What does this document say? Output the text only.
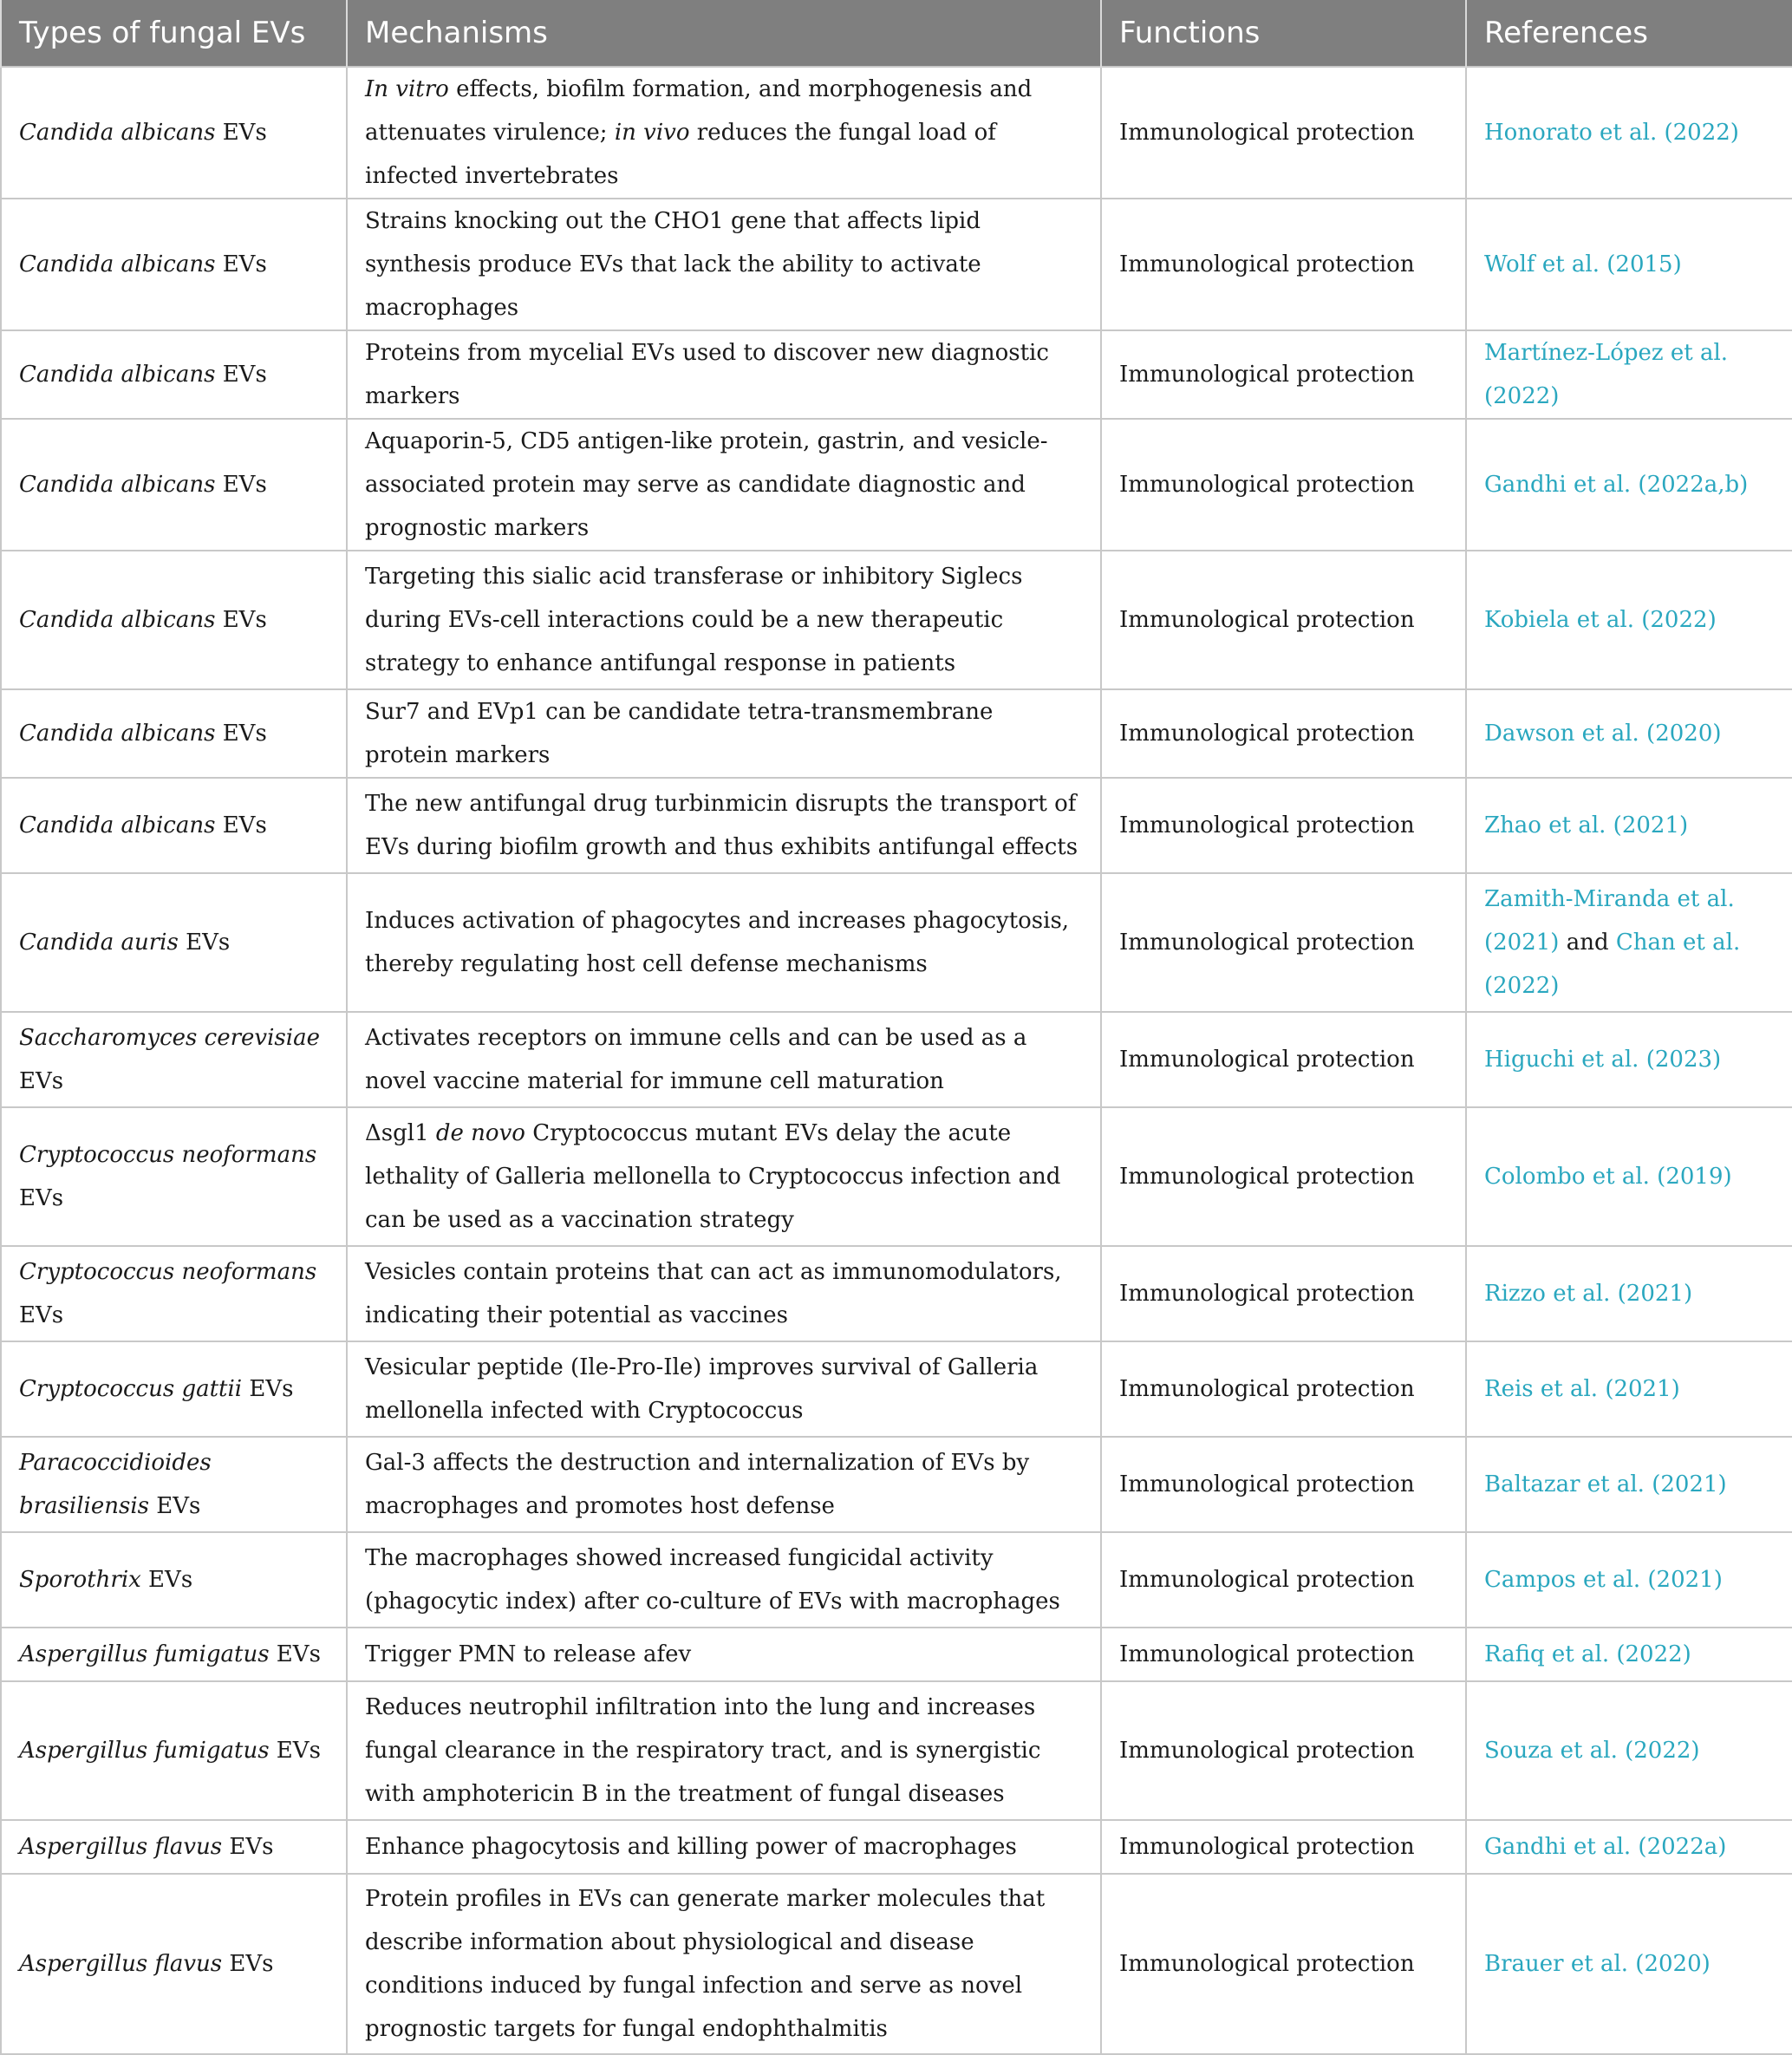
Types of fungal EVs	Mechanisms	Functions	References
Candida albicans EVs	In vitro effects, biofilm formation, and morphogenesis and attenuates virulence; in vivo reduces the fungal load of infected invertebrates	Immunological protection	Honorato et al. (2022)
Candida albicans EVs	Strains knocking out the CHO1 gene that affects lipid synthesis produce EVs that lack the ability to activate macrophages	Immunological protection	Wolf et al. (2015)
Candida albicans EVs	Proteins from mycelial EVs used to discover new diagnostic markers	Immunological protection	Martínez-López et al. (2022)
Candida albicans EVs	Aquaporin-5, CD5 antigen-like protein, gastrin, and vesicle-associated protein may serve as candidate diagnostic and prognostic markers	Immunological protection	Gandhi et al. (2022a,b)
Candida albicans EVs	Targeting this sialic acid transferase or inhibitory Siglecs during EVs-cell interactions could be a new therapeutic strategy to enhance antifungal response in patients	Immunological protection	Kobiela et al. (2022)
Candida albicans EVs	Sur7 and EVp1 can be candidate tetra-transmembrane protein markers	Immunological protection	Dawson et al. (2020)
Candida albicans EVs	The new antifungal drug turbinmicin disrupts the transport of EVs during biofilm growth and thus exhibits antifungal effects	Immunological protection	Zhao et al. (2021)
Candida auris EVs	Induces activation of phagocytes and increases phagocytosis, thereby regulating host cell defense mechanisms	Immunological protection	Zamith-Miranda et al. (2021) and Chan et al. (2022)
Saccharomyces cerevisiae EVs	Activates receptors on immune cells and can be used as a novel vaccine material for immune cell maturation	Immunological protection	Higuchi et al. (2023)
Cryptococcus neoformans EVs	Δsgl1 de novo Cryptococcus mutant EVs delay the acute lethality of Galleria mellonella to Cryptococcus infection and can be used as a vaccination strategy	Immunological protection	Colombo et al. (2019)
Cryptococcus neoformans EVs	Vesicles contain proteins that can act as immunomodulators, indicating their potential as vaccines	Immunological protection	Rizzo et al. (2021)
Cryptococcus gattii EVs	Vesicular peptide (Ile-Pro-Ile) improves survival of Galleria mellonella infected with Cryptococcus	Immunological protection	Reis et al. (2021)
Paracoccidioides brasiliensis EVs	Gal-3 affects the destruction and internalization of EVs by macrophages and promotes host defense	Immunological protection	Baltazar et al. (2021)
Sporothrix EVs	The macrophages showed increased fungicidal activity (phagocytic index) after co-culture of EVs with macrophages	Immunological protection	Campos et al. (2021)
Aspergillus fumigatus EVs	Trigger PMN to release afev	Immunological protection	Rafiq et al. (2022)
Aspergillus fumigatus EVs	Reduces neutrophil infiltration into the lung and increases fungal clearance in the respiratory tract, and is synergistic with amphotericin B in the treatment of fungal diseases	Immunological protection	Souza et al. (2022)
Aspergillus flavus EVs	Enhance phagocytosis and killing power of macrophages	Immunological protection	Gandhi et al. (2022a)
Aspergillus flavus EVs	Protein profiles in EVs can generate marker molecules that describe information about physiological and disease conditions induced by fungal infection and serve as novel prognostic targets for fungal endophthalmitis	Immunological protection	Brauer et al. (2020)
